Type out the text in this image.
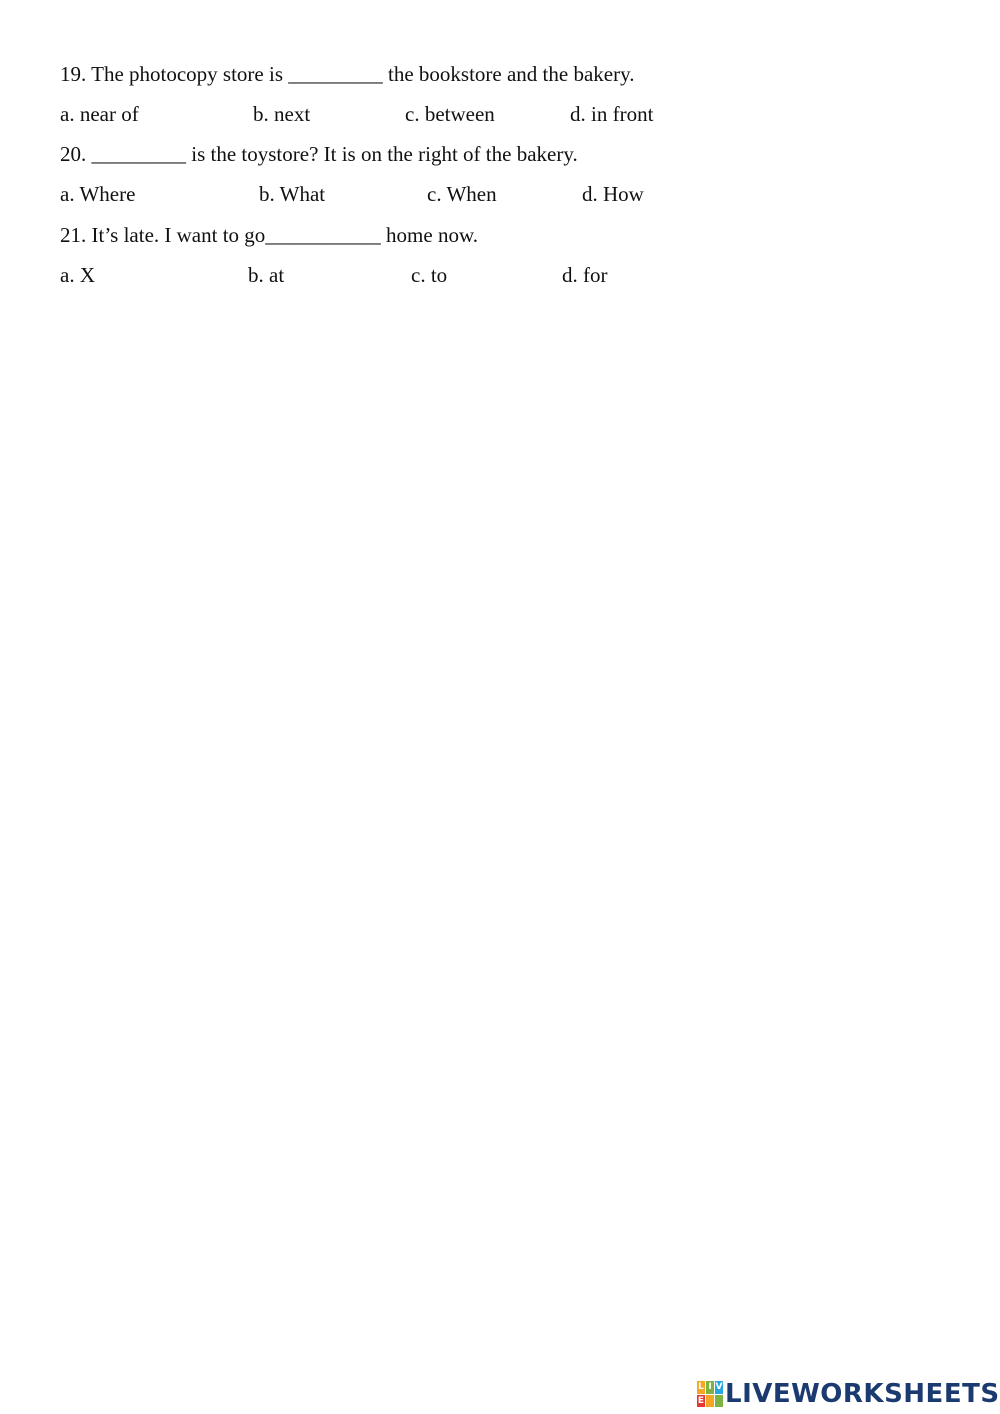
19. The photocopy store is _________ the bookstore and the bakery.
a. near of	b. next	c. between	d. in front
20. _________ is the toystore? It is on the right of the bakery.
a. Where	b. What	c. When	d. How
21. It’s late. I want to go___________ home now.
a. X	b. at	c. to	d. for
L I V
E LIVEWORKSHEETS
